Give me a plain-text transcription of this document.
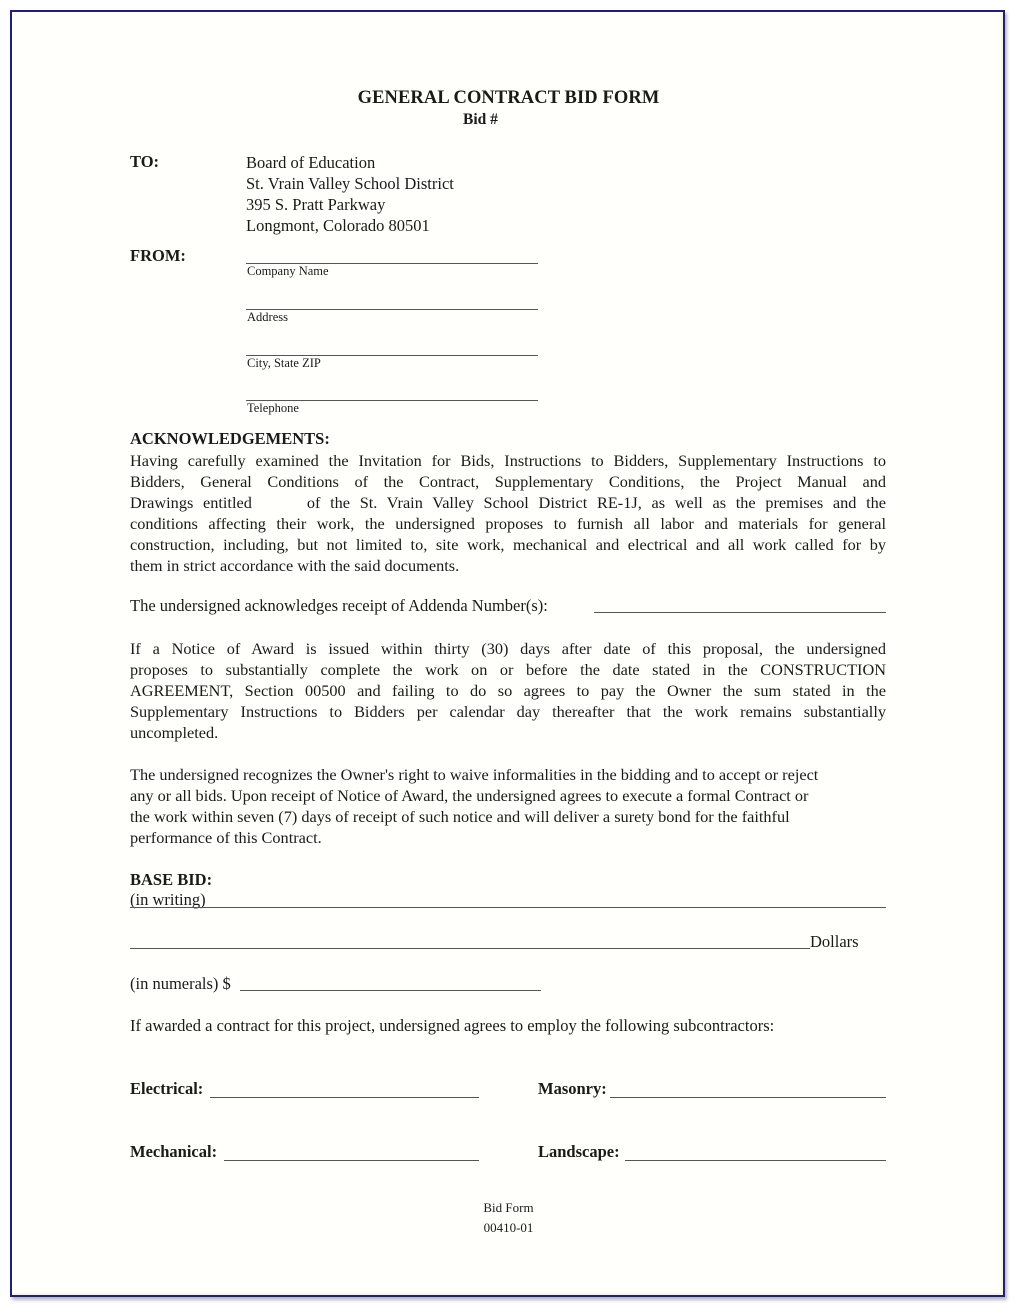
GENERAL CONTRACT BID FORM
Bid #
TO:	Board of Education
St. Vrain Valley School District
395 S. Pratt Parkway
Longmont, Colorado 80501
FROM:
Company Name
Address
City, State ZIP
Telephone
ACKNOWLEDGEMENTS:
Having carefully examined the Invitation for Bids, Instructions to Bidders, Supplementary Instructions to
Bidders, General Conditions of the Contract, Supplementary Conditions, the Project Manual and
Drawings entitled	of the St. Vrain Valley School District RE-1J, as well as the premises and the
conditions affecting their work, the undersigned proposes to furnish all labor and materials for general
construction, including, but not limited to, site work, mechanical and electrical and all work called for by
them in strict accordance with the said documents.
The undersigned acknowledges receipt of Addenda Number(s):
If a Notice of Award is issued within thirty (30) days after date of this proposal, the undersigned
proposes to substantially complete the work on or before the date stated in the CONSTRUCTION
AGREEMENT, Section 00500 and failing to do so agrees to pay the Owner the sum stated in the
Supplementary Instructions to Bidders per calendar day thereafter that the work remains substantially
uncompleted.
The undersigned recognizes the Owner's right to waive informalities in the bidding and to accept or reject
any or all bids. Upon receipt of Notice of Award, the undersigned agrees to execute a formal Contract or
the work within seven (7) days of receipt of such notice and will deliver a surety bond for the faithful
performance of this Contract.
BASE BID:
(in writing)
Dollars
(in numerals) $
If awarded a contract for this project, undersigned agrees to employ the following subcontractors:
Electrical:	Masonry:
Mechanical:	Landscape:
Bid Form
00410-01
